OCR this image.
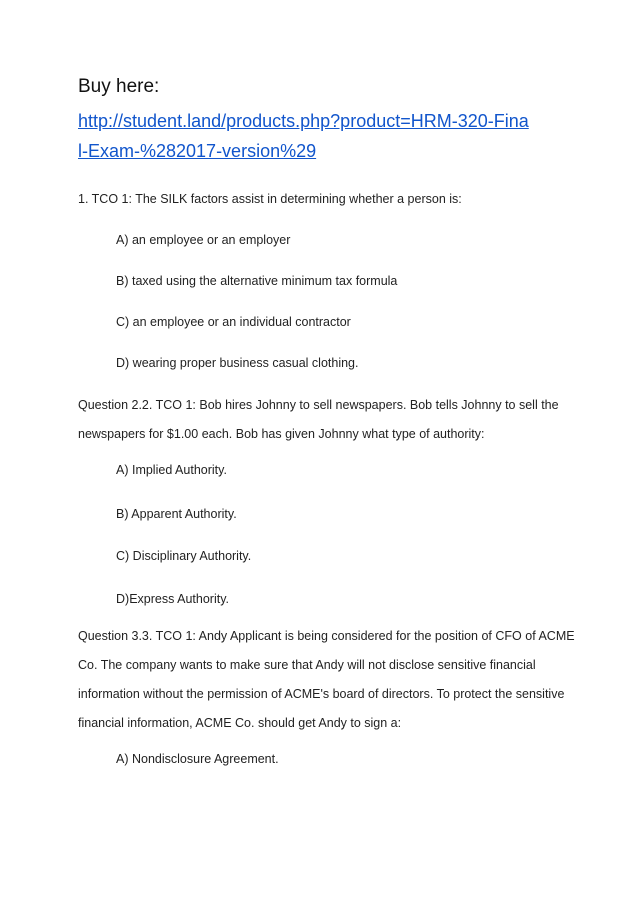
Buy here:

http://student.land/products.php?product=HRM-320-Fina
l-Exam-%282017-version%29

1. TCO 1: The SILK factors assist in determining whether a person is:

A) an employee or an employer

B) taxed using the alternative minimum tax formula

C) an employee or an individual contractor

D) wearing proper business casual clothing.

Question 2.2. TCO 1: Bob hires Johnny to sell newspapers. Bob tells Johnny to sell the
newspapers for $1.00 each. Bob has given Johnny what type of authority:

A) Implied Authority.

B) Apparent Authority.

C) Disciplinary Authority.

D)Express Authority.

Question 3.3. TCO 1: Andy Applicant is being considered for the position of CFO of ACME
Co. The company wants to make sure that Andy will not disclose sensitive financial
information without the permission of ACME's board of directors. To protect the sensitive
financial information, ACME Co. should get Andy to sign a:

A) Nondisclosure Agreement.
